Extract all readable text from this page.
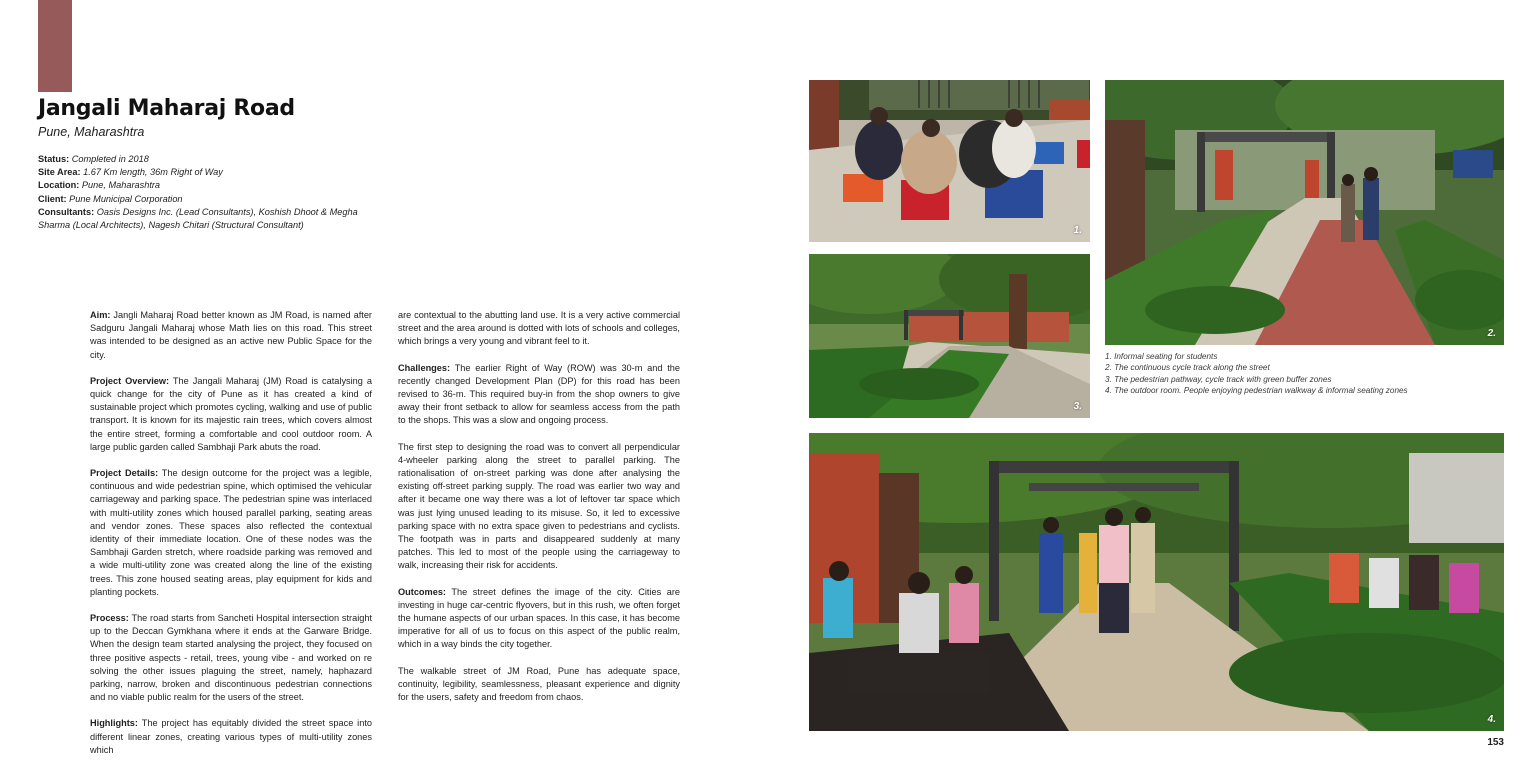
Jangali Maharaj Road
Pune, Maharashtra
Status: Completed in 2018
Site Area: 1.67 Km length, 36m Right of Way
Location: Pune, Maharashtra
Client: Pune Municipal Corporation
Consultants: Oasis Designs Inc. (Lead Consultants), Koshish Dhoot & Megha Sharma (Local Architects), Nagesh Chitari (Structural Consultant)

Aim: Jangli Maharaj Road better known as JM Road, is named after Sadguru Jangali Maharaj whose Math lies on this road. This street was intended to be designed as an active new Public Space for the city.

Project Overview: The Jangali Maharaj (JM) Road is catalysing a quick change for the city of Pune as it has created a kind of sustainable project which promotes cycling, walking and use of public transport. It is known for its majestic rain trees, which covers almost the entire street, forming a comfortable and cool outdoor room. A large public garden called Sambhaji Park abuts the road.

Project Details: The design outcome for the project was a legible, continuous and wide pedestrian spine, which optimised the vehicular carriageway and parking space. The pedestrian spine was interlaced with multi-utility zones which housed parallel parking, seating areas and vendor zones. These spaces also reflected the contextual identity of their immediate location. One of these nodes was the Sambhaji Garden stretch, where roadside parking was removed and a wide multi-utility zone was created along the line of the existing trees. This zone housed seating areas, play equipment for kids and planting pockets.

Process: The road starts from Sancheti Hospital intersection straight up to the Deccan Gymkhana where it ends at the Garware Bridge. When the design team started analysing the project, they focused on three positive aspects - retail, trees, young vibe - and worked on re solving the other issues plaguing the street, namely, haphazard parking, narrow, broken and discontinuous pedestrian connections and no viable public realm for the users of the street.

Highlights: The project has equitably divided the street space into different linear zones, creating various types of multi-utility zones which

are contextual to the abutting land use. It is a very active commercial street and the area around is dotted with lots of schools and colleges, which brings a very young and vibrant feel to it.

Challenges: The earlier Right of Way (ROW) was 30-m and the recently changed Development Plan (DP) for this road has been revised to 36-m. This required buy-in from the shop owners to give away their front setback to allow for seamless access from the path to the shops. This was a slow and ongoing process.

The first step to designing the road was to convert all perpendicular 4-wheeler parking along the street to parallel parking. The rationalisation of on-street parking was done after analysing the existing off-street parking supply. The road was earlier two way and after it became one way there was a lot of leftover tar space which was just lying unused leading to its misuse. So, it led to excessive parking space with no extra space given to pedestrians and cyclists. The footpath was in parts and disappeared suddenly at many patches. This led to most of the people using the carriageway to walk, increasing their risk for accidents.

Outcomes: The street defines the image of the city. Cities are investing in huge car-centric flyovers, but in this rush, we often forget the humane aspects of our urban spaces. In this case, it has become imperative for all of us to focus on this aspect of the public realm, which in a way binds the city together.

The walkable street of JM Road, Pune has adequate space, continuity, legibility, seamlessness, pleasant experience and dignity for the users, safety and freedom from chaos.

1.
2.
3.
1. Informal seating for students
2. The continuous cycle track along the street
3. The pedestrian pathway, cycle track with green buffer zones
4. The outdoor room. People enjoying pedestrian walkway & informal seating zones
4.
153
